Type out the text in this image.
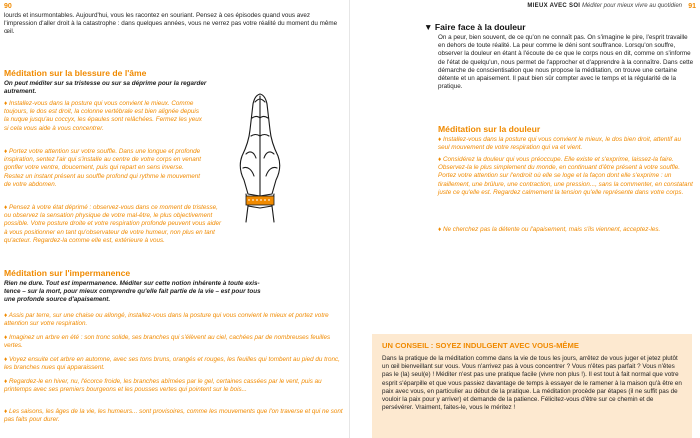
90

lourds et insurmontables. Aujourd'hui, vous les racontez en souriant. Pensez à ces épisodes quand vous avez l'impression d'aller droit à la catastrophe : dans quelques années, vous ne verrez pas votre réalité du moment du même œil.

Méditation sur la blessure de l'âme

On peut méditer sur sa tristesse ou sur sa déprime pour la regarder autrement.

♦ Installez-vous dans la posture qui vous convient le mieux. Comme toujours, le dos est droit, la colonne vertébrale est bien alignée depuis la nuque jusqu'au coccyx, les épaules sont relâchées. Fermez les yeux si cela vous aide à vous concentrer.

♦ Portez votre attention sur votre souffle. Dans une longue et profonde inspiration, sentez l'air qui s'installe au centre de votre corps en venant gonfler votre ventre, doucement, puis qui repart en sens inverse. Restez un instant présent au souffle profond qui rythme le mouvement de votre abdomen.

♦ Pensez à votre état déprimé : observez-vous dans ce moment de tristesse, ou observez la sensation physique de votre mal-être, le plus objectivement possible. Votre posture droite et votre respiration profonde peuvent vous aider à vous positionner en tant qu'observateur de votre humeur, non plus en tant qu'acteur. Regardez-la comme elle est, extérieure à vous.

Méditation sur l'impermanence

Rien ne dure. Tout est impermanence. Méditer sur cette notion inhérente à toute exis-

tence – sur la mort, pour mieux comprendre qu'elle fait partie de la vie – est pour tous

une profonde source d'apaisement.

♦ Assis par terre, sur une chaise ou allongé, installez-vous dans la posture qui vous convient le mieux et portez votre attention sur votre respiration.

♦ Imaginez un arbre en été : son tronc solide, ses branches qui s'élèvent au ciel, cachées par de nombreuses feuilles vertes.

♦ Voyez ensuite cet arbre en automne, avec ses tons bruns, orangés et rouges, les feuilles qui tombent au pied du tronc, les branches nues qui apparaissent.

♦ Regardez-le en hiver, nu, l'écorce froide, les branches abîmées par le gel, certaines cassées par le vent, puis au printemps avec ses premiers bourgeons et les pousses vertes qui pointent sur le bois...

♦ Les saisons, les âges de la vie, les humeurs... sont provisoires, comme les mouvements que l'on traverse et qui ne sont pas faits pour durer.

MIEUX AVEC SOI Méditer pour mieux vivre au quotidien 91
▼ Faire face à la douleur

On a peur, bien souvent, de ce qu'on ne connaît pas. On s'imagine le pire, l'esprit travaille en dehors de toute réalité. La peur comme le déni sont souffrance. Lorsqu'on souffre, observer la douleur en étant à l'écoute de ce que le corps nous en dit, comme on s'informe de l'état de quelqu'un, nous permet de l'approcher et d'apprendre à la connaître. Dans cette démarche de conscientisation que nous propose la méditation, on trouve une certaine détente et un apaisement. Il paut bien sûr compter avec le temps et la régularité de la pratique.

Méditation sur la douleur

♦ Installez-vous dans la posture qui vous convient le mieux, le dos bien droit, attentif au seul mouvement de votre respiration qui va et vient.

♦ Considérez la douleur qui vous préoccupe. Elle existe et s'exprime, laissez-la faire. Observez-la le plus simplement du monde, en continuant d'être présent à votre souffle. Portez votre attention sur l'endroit où elle se loge et la façon dont elle s'exprime : un tiraillement, une brûlure, une contraction, une pression..., sans la commenter, en constatant juste ce qu'elle est. Regardez calmement la tension qu'elle représente dans votre corps.

♦ Ne cherchez pas la détente ou l'apaisement, mais s'ils viennent, acceptez-les.

UN CONSEIL : SOYEZ INDULGENT AVEC VOUS-MÊME

Dans la pratique de la méditation comme dans la vie de tous les jours, arrêtez de vous juger et jetez plutôt un œil bienveillant sur vous. Vous n'arrivez pas à vous concentrer ? Vous n'êtes pas parfait ? Vous n'êtes pas le (la) seul(e) ! Méditer n'est pas une pratique facile (vivre non plus !). Il est tout à fait normal que votre esprit s'éparpille et que vous passiez davantage de temps à essayer de le ramener à la maison qu'à être en paix avec vous, en particulier au début de la pratique. La méditation procède par étapes (il ne suffit pas de vouloir la paix pour y arriver) et demande de la patience. Félicitez-vous d'être sur ce chemin et de persévérer. Vraiment, faites-le, vous le méritez !
